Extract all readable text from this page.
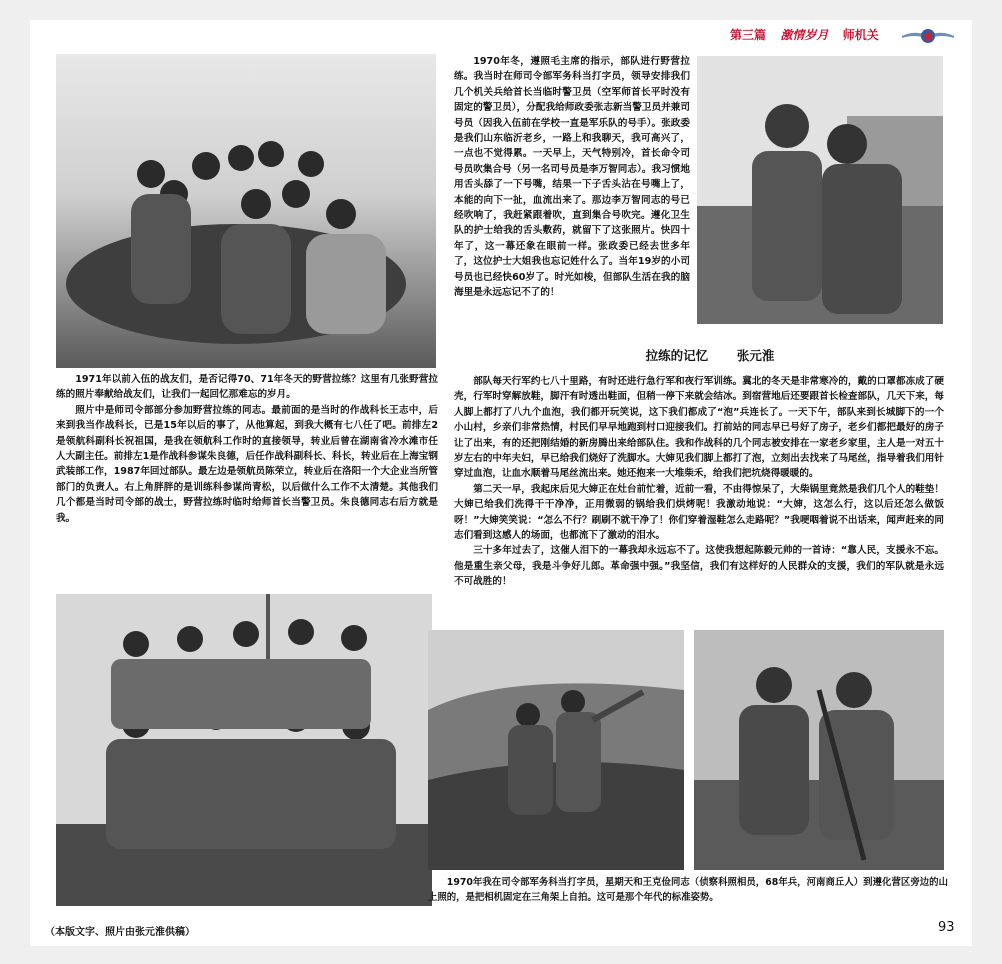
第三篇 激情岁月 师机关

1971年以前入伍的战友们，是否记得70、71年冬天的野营拉练？这里有几张野营拉练的照片奉献给战友们，让我们一起回忆那难忘的岁月。

照片中是师司令部部分参加野营拉练的同志。最前面的是当时的作战科长王志中，后来到我当作战科长，已是15年以后的事了，从他算起，到我大概有七八任了吧。前排左2是领航科副科长祝祖国，是我在领航科工作时的直接领导，转业后曾在湖南省冷水滩市任人大副主任。前排左1是作战科参谋朱良德，后任作战科副科长、科长，转业后在上海宝钢武装部工作，1987年回过部队。最左边是领航员陈荣立，转业后在洛阳一个大企业当所管部门的负责人。右上角胖胖的是训练科参谋尚青松，以后做什么工作不太清楚。其他我们几个都是当时司令部的战士，野营拉练时临时给师首长当警卫员。朱良德同志右后方就是我。

1970年冬，遵照毛主席的指示，部队进行野营拉练。我当时在师司令部军务科当打字员，领导安排我们几个机关兵给首长当临时警卫员（空军师首长平时没有固定的警卫员），分配我给师政委张志新当警卫员并兼司号员（因我入伍前在学校一直是军乐队的号手）。张政委是我们山东临沂老乡，一路上和我聊天，我可高兴了，一点也不觉得累。一天早上，天气特别冷，首长命令司号员吹集合号（另一名司号员是李万智同志）。我习惯地用舌头舔了一下号嘴，结果一下子舌头沾在号嘴上了，本能的向下一扯，血流出来了。那边李万智同志的号已经吹响了，我赶紧跟着吹，直到集合号吹完。遵化卫生队的护士给我的舌头敷药，就留下了这张照片。快四十年了，这一幕还象在眼前一样。张政委已经去世多年了，这位护士大姐我也忘记姓什么了。当年19岁的小司号员也已经快60岁了。时光如梭，但部队生活在我的脑海里是永远忘记不了的！

拉练的记忆 张元淮

部队每天行军约七八十里路，有时还进行急行军和夜行军训练。冀北的冬天是非常寒冷的，戴的口罩都冻成了硬壳，行军时穿解放鞋，脚汗有时透出鞋面，但稍一停下来就会结冰。到宿营地后还要跟首长检查部队，几天下来，每人脚上都打了八九个血泡，我们都开玩笑说，这下我们都成了“泡”兵连长了。一天下午，部队来到长城脚下的一个小山村，乡亲们非常热情，村民们早早地跑到村口迎接我们。打前站的同志早已号好了房子，老乡们都把最好的房子让了出来，有的还把刚结婚的新房腾出来给部队住。我和作战科的几个同志被安排在一家老乡家里，主人是一对五十岁左右的中年夫妇，早已给我们烧好了洗脚水。大婶见我们脚上都打了泡，立刻出去找来了马尾丝，指导着我们用针穿过血泡，让血水顺着马尾丝流出来。她还抱来一大堆柴禾，给我们把坑烧得暖暖的。

第二天一早，我起床后见大婶正在灶台前忙着，近前一看，不由得惊呆了，大柴锅里竟然是我们几个人的鞋垫！大婶已给我们洗得干干净净，正用微弱的锅给我们烘烤呢！我激动地说：“大婶，这怎么行，这以后还怎么做饭呀！”大婶笑笑说：“怎么不行？刷刷不就干净了！你们穿着湿鞋怎么走路呢？”我哽咽着说不出话来，闻声赶来的同志们看到这感人的场面，也都流下了激动的泪水。

三十多年过去了，这催人泪下的一幕我却永远忘不了。这使我想起陈毅元帅的一首诗：“靠人民，支援永不忘。他是重生亲父母，我是斗争好儿郎。革命强中强。”我坚信，我们有这样好的人民群众的支援，我们的军队就是永远不可战胜的！

1970年我在司令部军务科当打字员，星期天和王克俭同志（侦察科照相员，68年兵，河南商丘人）到遵化营区旁边的山上照的，是把相机固定在三角架上自拍。这可是那个年代的标准姿势。

（本版文字、照片由张元淮供稿）	93
